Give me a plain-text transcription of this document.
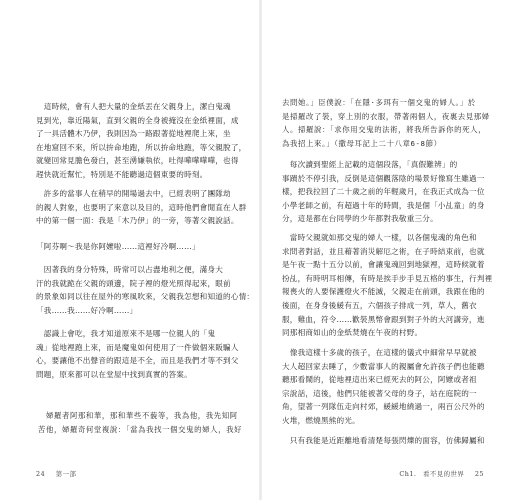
　這時候，會有人把大量的金紙丟在父親身上，潔白鬼魂
見到光，靠近陽氣，直到父親的全身被掩沒在金紙裡面，成
了一具活體木乃伊，我則因為一路跟著從地裡爬上來，坐
在地窟回不來，所以拚命地跑，所以拚命地跑，等父親脫了，
就變回常見膽色發白，甚至湧嫌執依，吐得嘩嘩嘩嘩，也得
趕快就近幫忙，特別是不能聽過這個東要的時刻。
　許多的當事人在稍早的開場過去中，已經表明了團隊劫
的親人對象，也要明了來意以及目的，這時他們會閒直在人群
中的第一個一面：我是「木乃伊」的一旁，等著父親說話。
「阿芬啊～我是你阿嬤啦……這裡好冷啊……」
　因著我的身分特殊，時常可以占盡地利之便，滿身大
汗的我就跪在父親的頭邊，院子裡的燈光照得起來，眼前
的景象如同以往在屋外的寒風吹來，父親我怎想和知道的心情：
「我……我……好冷啊……」
　認識上會吃，我才知道原來不是哪一位親人的「鬼
魂」從地裡跑上來，而是魔鬼如何使用了一件做個來販騙人
心，要讓他不出聲音的跟這是不全，而且是我們才等不到父
問題，原來都可以在堂屋中找到真實的答案。
　　婦羅者阿那和華，那和華些不藐等，我為他，我先知阿
　苦他，婦羅奇何堂複說：「當為我找一個交鬼的婦人，我好
24 第一部
去問她。」臣僕說：「在隱·多珥有一個交鬼的婦人。」於
是掃羅改了裝，穿上別的衣服，帶著兩個人，夜裏去見那婦
人。掃羅說：「求你用交鬼的法術，將我所告訴你的死人，
為我招上來。」（撒母耳記上二十八章6-8節）
　每次讀到聖經上記載的這個段落，「真假難辨」的
事蹟於不停引我，反倒是這個觀落陰的場景好像寫生雖過一
樣，把我拉回了二十歲之前的年輕歲月，在我正式成為一位
小學老師之前，有超過十年的時間，我是個「小乩童」的身
分，這是都在台同學的少年都對我敬重三分。
　當時父親就如那交鬼的婦人一樣，以各個鬼魂的角色和
求問者對話，並且藉著消災解厄之術，在子時結束前，也就
是午夜一點十五分以前，會讓鬼魂回到地獄裡，這時候就着
扮乩，有時明耳相傳，有時是挨手步手見五格的事生，行判裡
報喪火的人要保護燈火不能滅，父親走在前頭，我跟在他的
後面，在身身後緩有五，六個孩子排成一列，草人，舊衣
服，雞血，符令……歡裝黑幣會跟到對子外的大河講旁，進
同那相商如山的金紙焚燒在午夜的村野。
　像我這樣十多歲的孩子，在這樣的儀式中細常早早就被
大人超回家去睡了，少數當事人的親屬會允許孩子們也能聽
聽那看鬧的，從地裡這出來已經死去的阿公，阿嬤或者祖
宗說話，這後，他們只能被著父母的身子，站在庭院的一
角，望著一列隊伍走向村郊，緩緩地繞過一，兩百公尺外的
火堆，燃燒黑熊的光。
　只有我能是近距離地看清楚每張閃爍的面容，仿佛歸屬和
Ch1. 看不見的世界 25
